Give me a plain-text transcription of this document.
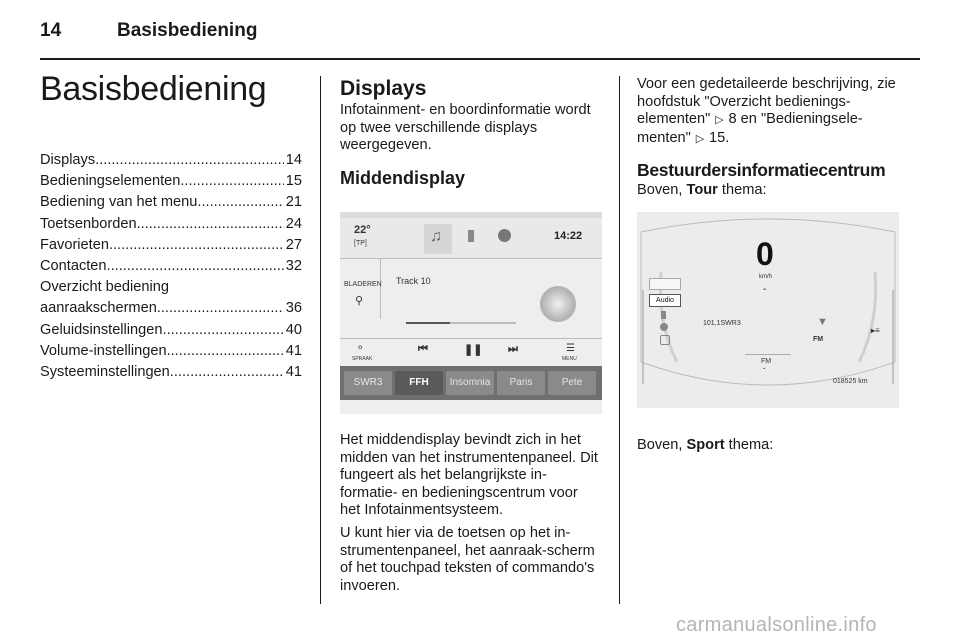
14	Basisbediening
Basisbediening
Displays .....	14
Bedieningselementen .....	15
Bediening van het menu .....	21
Toetsenborden .....	24
Favorieten .....	27
Contacten .....	32
Overzicht bediening
aanraakschermen .....	36
Geluidsinstellingen .....	40
Volume-instellingen .....	41
Systeeminstellingen .....	41
Displays

Infotainment- en boordinformatie wordt op twee verschillende displays weergegeven.

Middendisplay
22°
[TP]	♫	14:22
BLADEREN
⚲
Track 10
⚬
SPRAAK
⏮	❚❚ ⏭	☰
MENU
SWR3	FFH	Insomnia	Paris	Pete

Het middendisplay bevindt zich in het midden van het instrumentenpaneel. Dit fungeert als het belangrijkste in-formatie- en bedieningscentrum voor het Infotainmentsysteem.

U kunt hier via de toetsen op het in-strumentenpaneel, het aanraak-scherm of het touchpad teksten of commando's invoeren.

Voor een gedetaileerde beschrijving, zie hoofdstuk "Overzicht bedienings-elementen" ▷ 8 en "Bedieningsele-menten" ▷ 15.

Bestuurdersinformatiecentrum

Boven, Tour thema:

0
km/h
ˆ
Audio
101,1SWR3	▼
FM
▸≡
FM
ˇ
018525 km

Boven, Sport thema:

carmanualsonline.info
